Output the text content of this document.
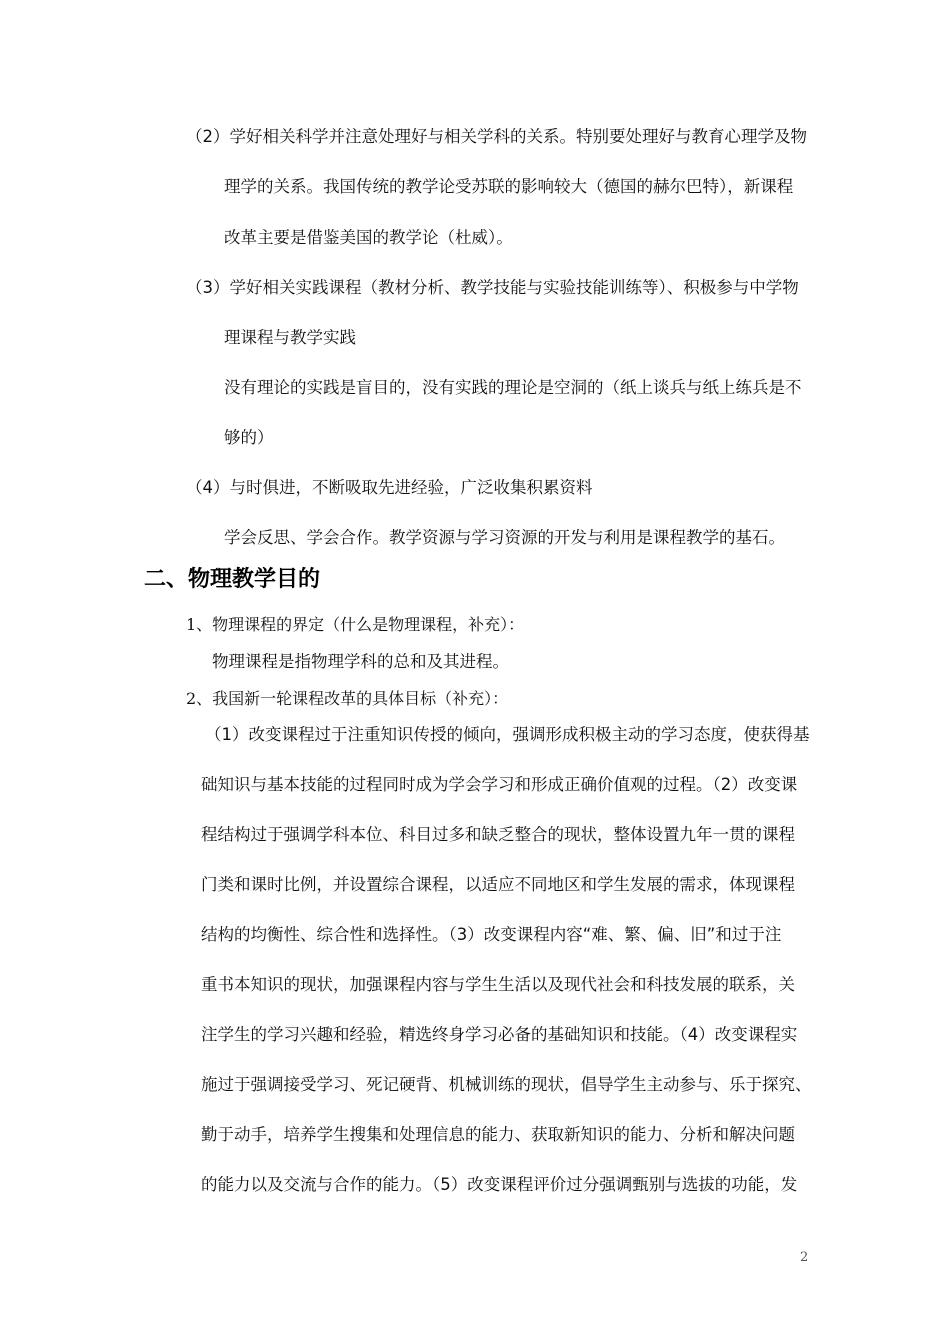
（2）学好相关科学并注意处理好与相关学科的关系。特别要处理好与教育心理学及物
理学的关系。我国传统的教学论受苏联的影响较大（德国的赫尔巴特），新课程
改革主要是借鉴美国的教学论（杜威）。
（3）学好相关实践课程（教材分析、教学技能与实验技能训练等）、积极参与中学物
理课程与教学实践
没有理论的实践是盲目的，没有实践的理论是空洞的（纸上谈兵与纸上练兵是不
够的）
（4）与时俱进，不断吸取先进经验，广泛收集积累资料
学会反思、学会合作。教学资源与学习资源的开发与利用是课程教学的基石。
二、物理教学目的
1、物理课程的界定（什么是物理课程，补充）：
物理课程是指物理学科的总和及其进程。
2、我国新一轮课程改革的具体目标（补充）：
（1）改变课程过于注重知识传授的倾向，强调形成积极主动的学习态度，使获得基
础知识与基本技能的过程同时成为学会学习和形成正确价值观的过程。（2）改变课
程结构过于强调学科本位、科目过多和缺乏整合的现状，整体设置九年一贯的课程
门类和课时比例，并设置综合课程，以适应不同地区和学生发展的需求，体现课程
结构的均衡性、综合性和选择性。（3）改变课程内容“难、繁、偏、旧”和过于注
重书本知识的现状，加强课程内容与学生生活以及现代社会和科技发展的联系，关
注学生的学习兴趣和经验，精选终身学习必备的基础知识和技能。（4）改变课程实
施过于强调接受学习、死记硬背、机械训练的现状，倡导学生主动参与、乐于探究、
勤于动手，培养学生搜集和处理信息的能力、获取新知识的能力、分析和解决问题
的能力以及交流与合作的能力。（5）改变课程评价过分强调甄别与选拔的功能，发
2
